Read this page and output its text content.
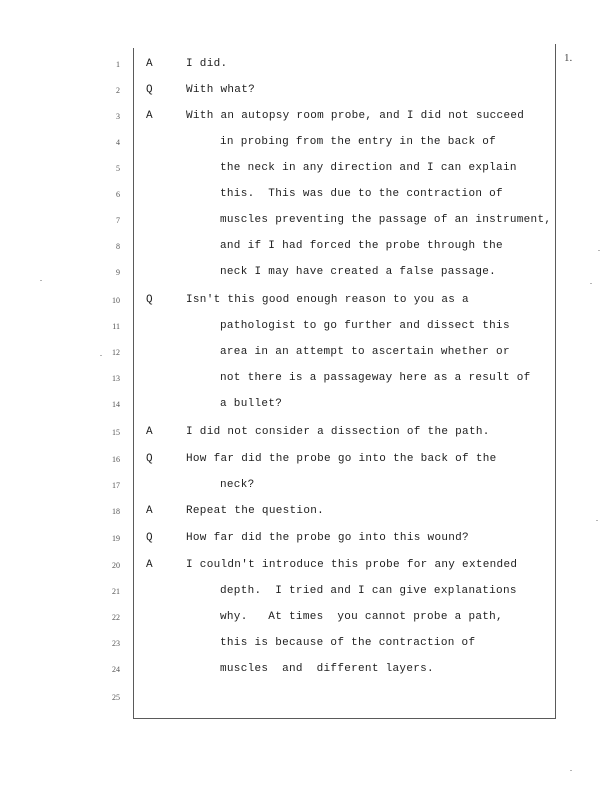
1.
1 A	I did.
2 Q	With what?
3 A	With an autopsy room probe, and I did not succeed
4	in probing from the entry in the back of
5	the neck in any direction and I can explain
6	this.  This was due to the contraction of
7	muscles preventing the passage of an instrument,
8	and if I had forced the probe through the
9	neck I may have created a false passage.
10 Q	Isn't this good enough reason to you as a
11	pathologist to go further and dissect this
12	area in an attempt to ascertain whether or
13	not there is a passageway here as a result of
14	a bullet?
15 A	I did not consider a dissection of the path.
16 Q	How far did the probe go into the back of the
17	neck?
18 A	Repeat the question.
19 Q	How far did the probe go into this wound?
20 A	I couldn't introduce this probe for any extended
21	depth.  I tried and I can give explanations
22	why.   At times  you cannot probe a path,
23	this is because of the contraction of
24	muscles  and  different layers.
25
